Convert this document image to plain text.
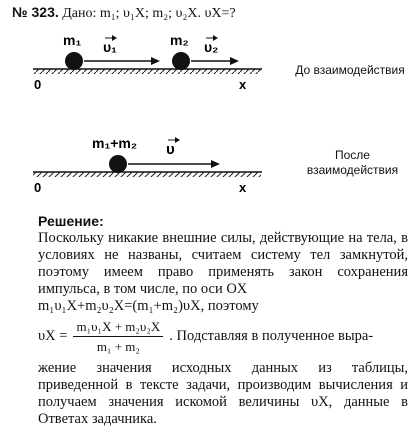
№ 323. Дано: m₁; υ₁X; m₂; υ₂X. υX=?
m₁ υ₁	m₂ υ₂
0	x
До взаимодействия
m₁+m₂ υ
0	x
После
взаимодействия
Решение:

Поскольку никакие внешние силы, действующие на тела, в условиях не названы, считаем систему тел замкнутой, поэтому имеем право применять закон сохранения импульса, в том числе, по оси OX

m₁υ₁X+m₂υ₂X=(m₁+m₂)υX, поэтому
$\upsilon X = \frac{\text{m₁υ₁X + m₂υ₂X}}{\text{m₁ + m₂}}$ . Подставляя в полученное выра-

жение значения исходных данных из таблицы, приведенной в тексте задачи, производим вычисления и получаем значения искомой величины υX, данные в Ответах задачника.
